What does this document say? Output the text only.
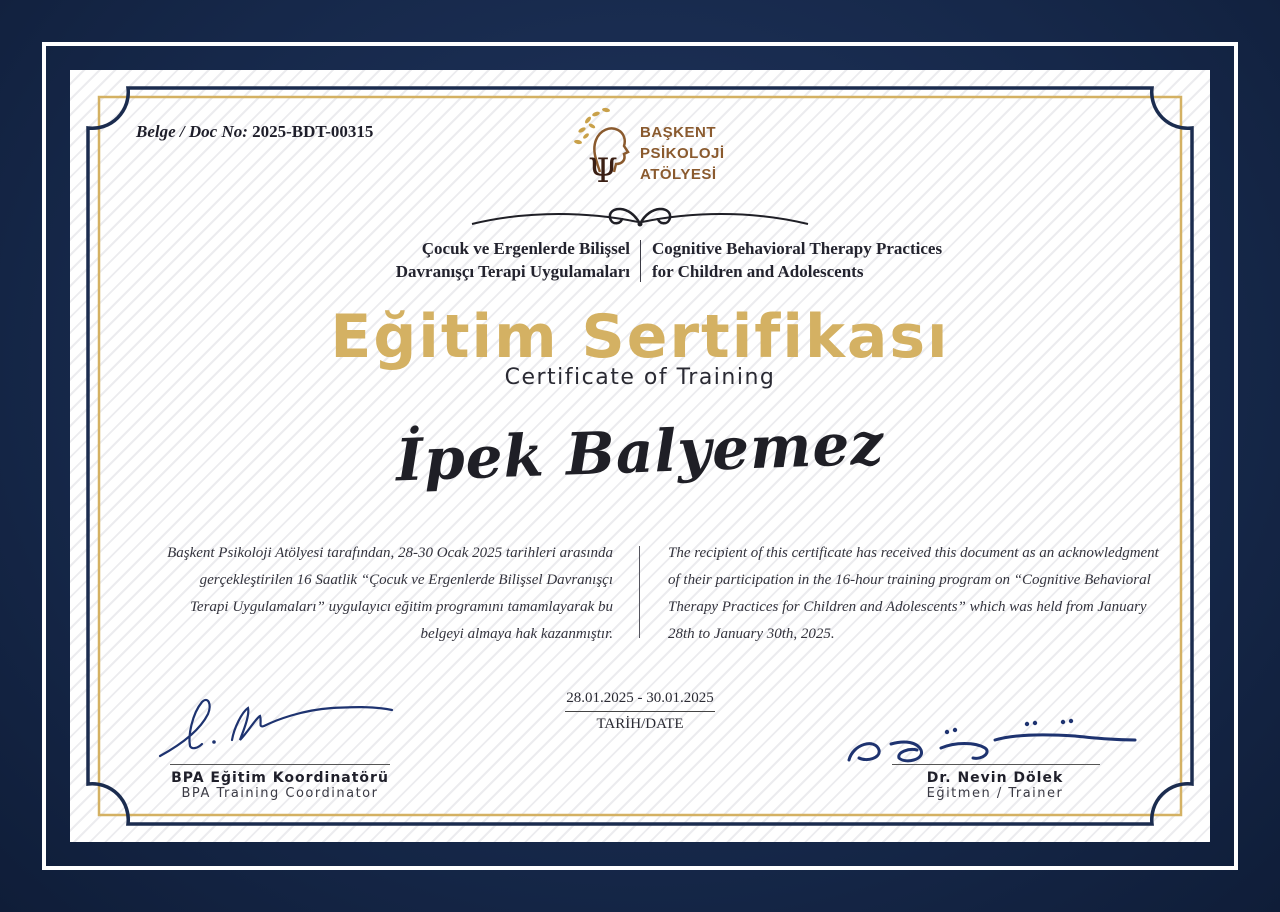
Belge / Doc No: 2025-BDT-00315
Ψ
BAŞKENT
PSİKOLOJİ
ATÖLYESİ
Çocuk ve Ergenlerde Bilişsel
Davranışçı Terapi Uygulamaları
Cognitive Behavioral Therapy Practices
for Children and Adolescents
Eğitim Sertifikası
Certificate of Training
İpek Balyemez
Başkent Psikoloji Atölyesi tarafından, 28-30 Ocak 2025 tarihleri arasında gerçekleştirilen 16 Saatlik “Çocuk ve Ergenlerde Bilişsel Davranışçı Terapi Uygulamaları” uygulayıcı eğitim programını tamamlayarak bu belgeyi almaya hak kazanmıştır.
The recipient of this certificate has received this document as an acknowledgment of their participation in the 16-hour training program on “Cognitive Behavioral Therapy Practices for Children and Adolescents” which was held from January 28th to January 30th, 2025.
28.01.2025 - 30.01.2025
TARİH/DATE
BPA Eğitim Koordinatörü
BPA Training Coordinator
Dr. Nevin Dölek
Eğitmen / Trainer
